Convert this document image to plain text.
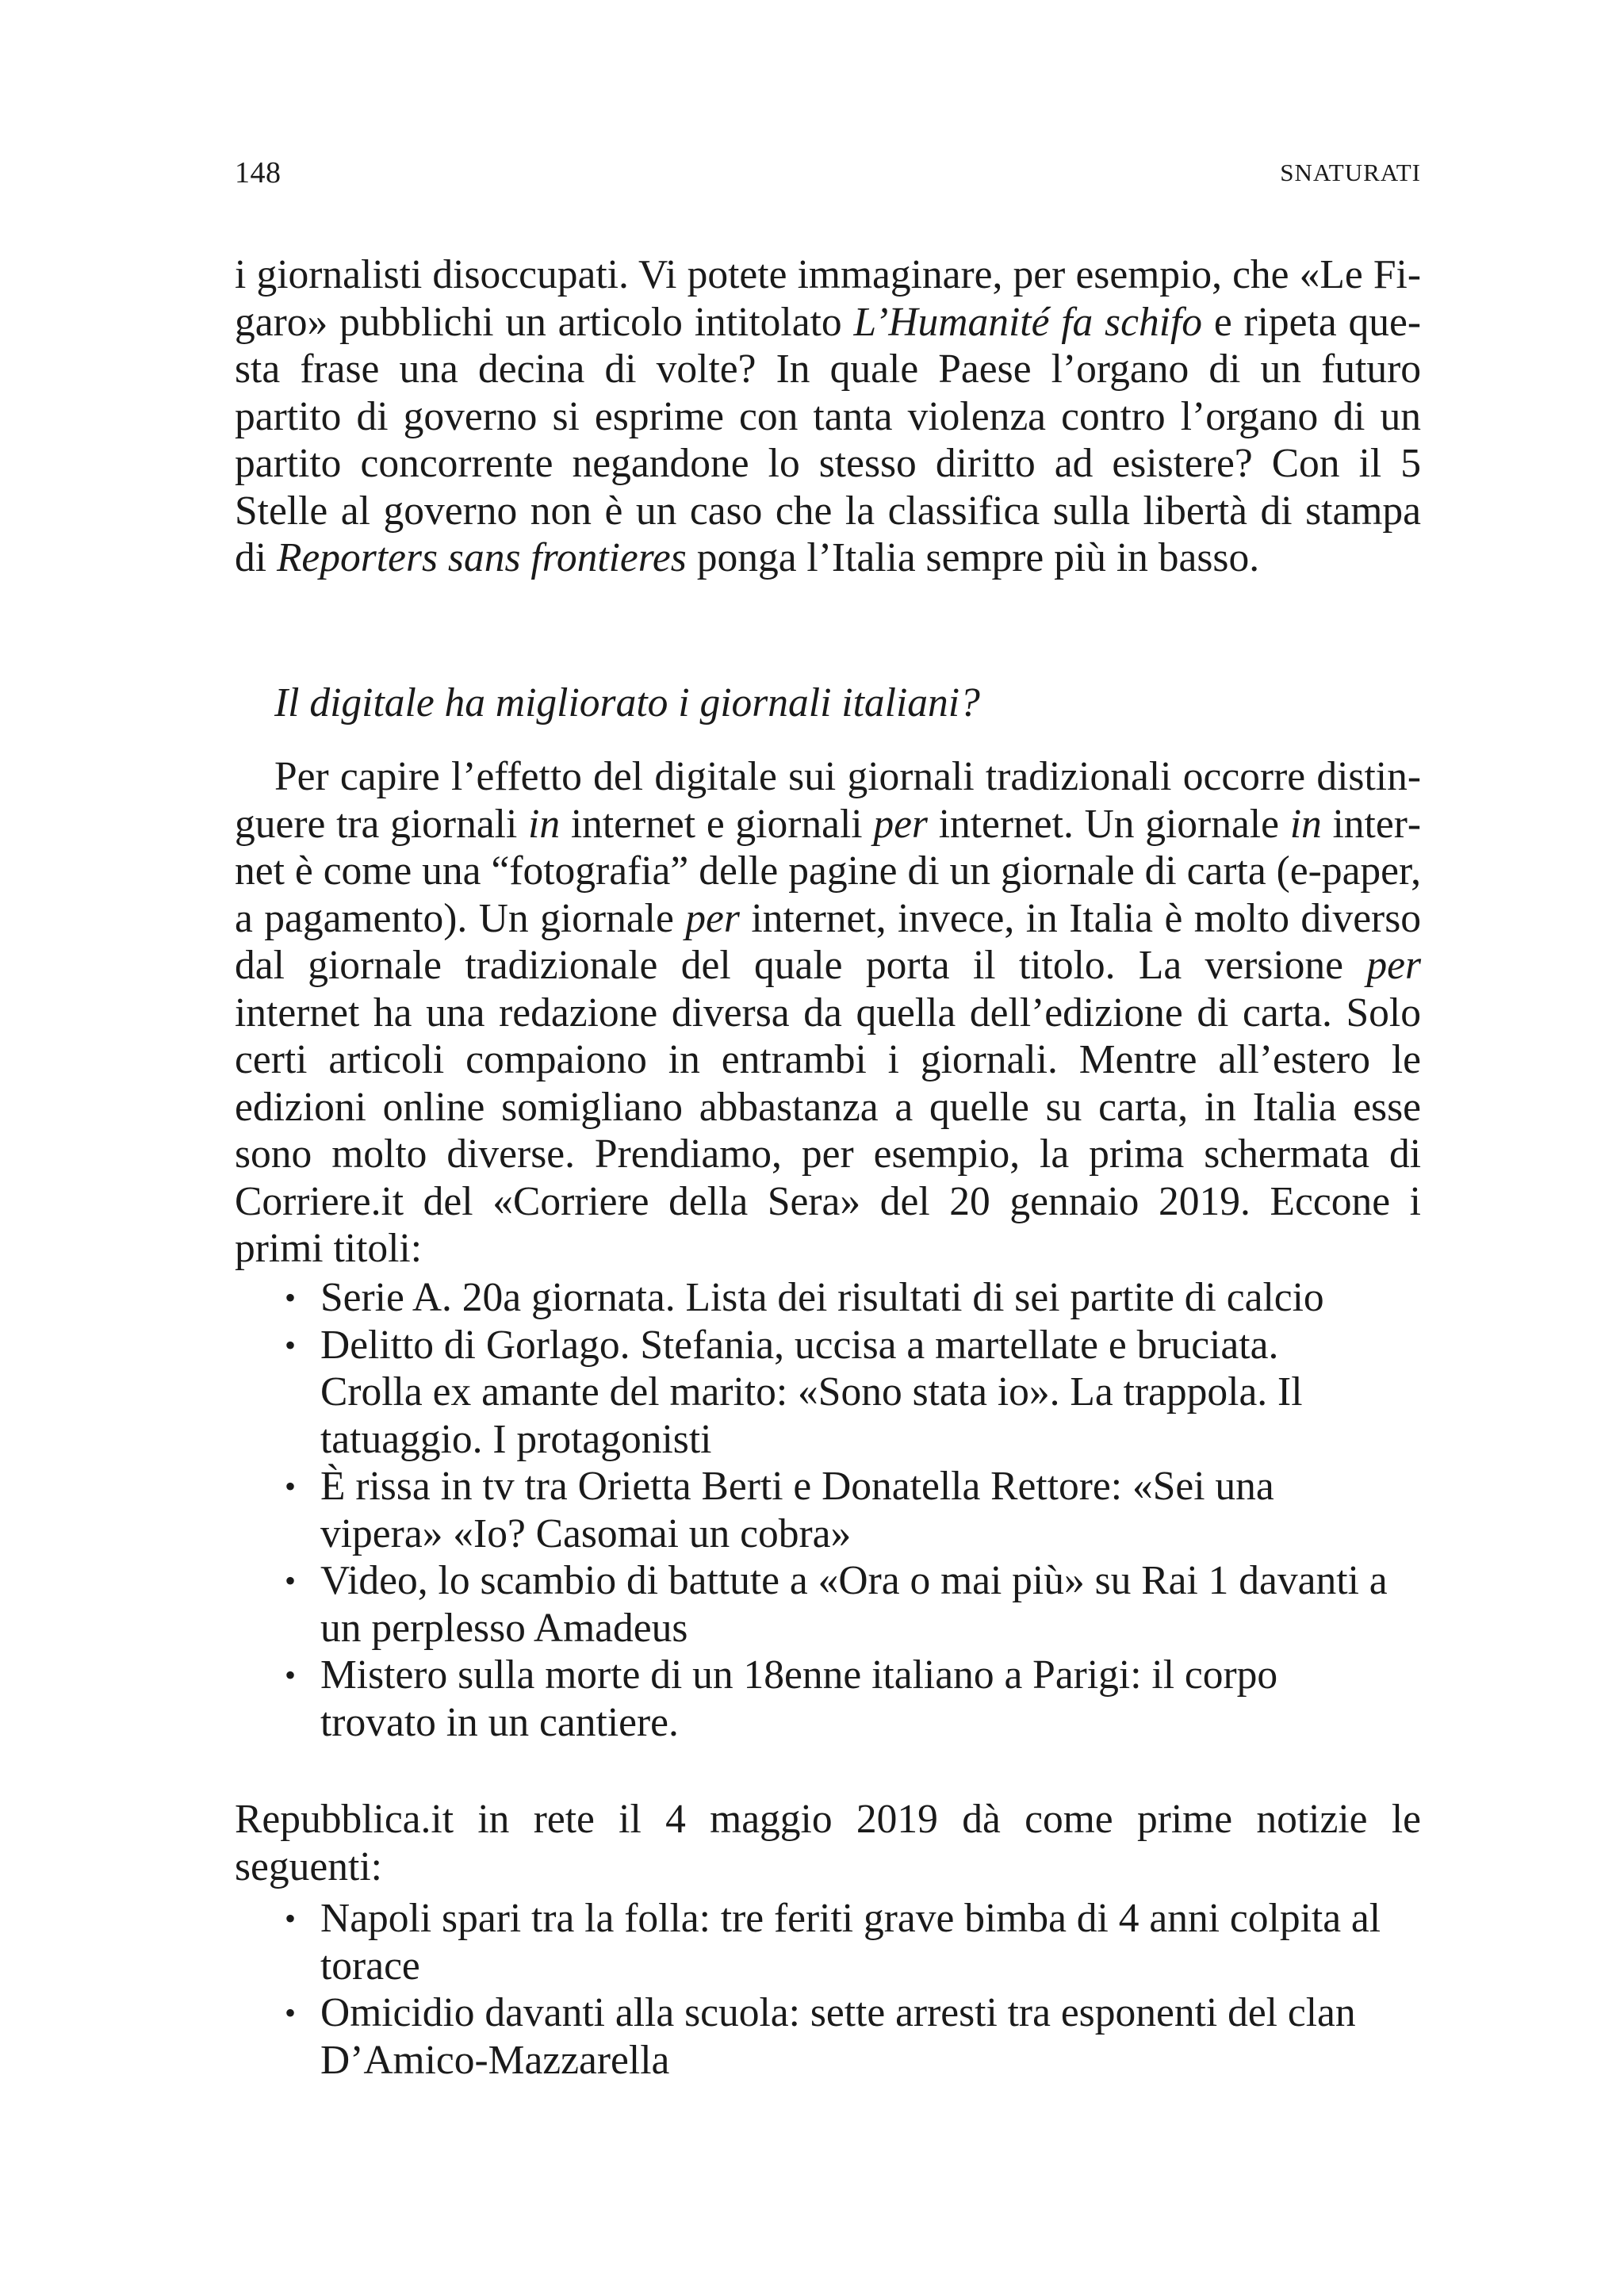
148	SNATURATI

i giornalisti disoccupati. Vi potete immaginare, per esempio, che «Le Figaro» pubblichi un articolo intitolato L’Humanité fa schifo e ripeta questa frase una decina di volte? In quale Paese l’organo di un futuro partito di governo si esprime con tanta violenza contro l’organo di un partito concorrente negandone lo stesso diritto ad esistere? Con il 5 Stelle al governo non è un caso che la classifica sulla libertà di stampa di Reporters sans frontieres ponga l’Italia sempre più in basso.

Il digitale ha migliorato i giornali italiani?

Per capire l’effetto del digitale sui giornali tradizionali occorre distinguere tra giornali in internet e giornali per internet. Un giornale in internet è come una “fotografia” delle pagine di un giornale di carta (e-paper, a pagamento). Un giornale per internet, invece, in Italia è molto diverso dal giornale tradizionale del quale porta il titolo. La versione per internet ha una redazione diversa da quella dell’edizione di carta. Solo certi articoli compaiono in entrambi i giornali. Mentre all’estero le edizioni online somigliano abbastanza a quelle su carta, in Italia esse sono molto diverse. Prendiamo, per esempio, la prima schermata di Corriere.it del «Corriere della Sera» del 20 gennaio 2019. Eccone i primi titoli:

• Serie A. 20a giornata. Lista dei risultati di sei partite di calcio
• Delitto di Gorlago. Stefania, uccisa a martellate e bruciata. Crolla ex amante del marito: «Sono stata io». La trappola. Il tatuaggio. I protagonisti
• È rissa in tv tra Orietta Berti e Donatella Rettore: «Sei una vipera» «Io? Casomai un cobra»
• Video, lo scambio di battute a «Ora o mai più» su Rai 1 davanti a un perplesso Amadeus
• Mistero sulla morte di un 18enne italiano a Parigi: il corpo trovato in un cantiere.

Repubblica.it in rete il 4 maggio 2019 dà come prime notizie le seguenti:

• Napoli spari tra la folla: tre feriti grave bimba di 4 anni colpita al torace
• Omicidio davanti alla scuola: sette arresti tra esponenti del clan D’Amico-Mazzarella
